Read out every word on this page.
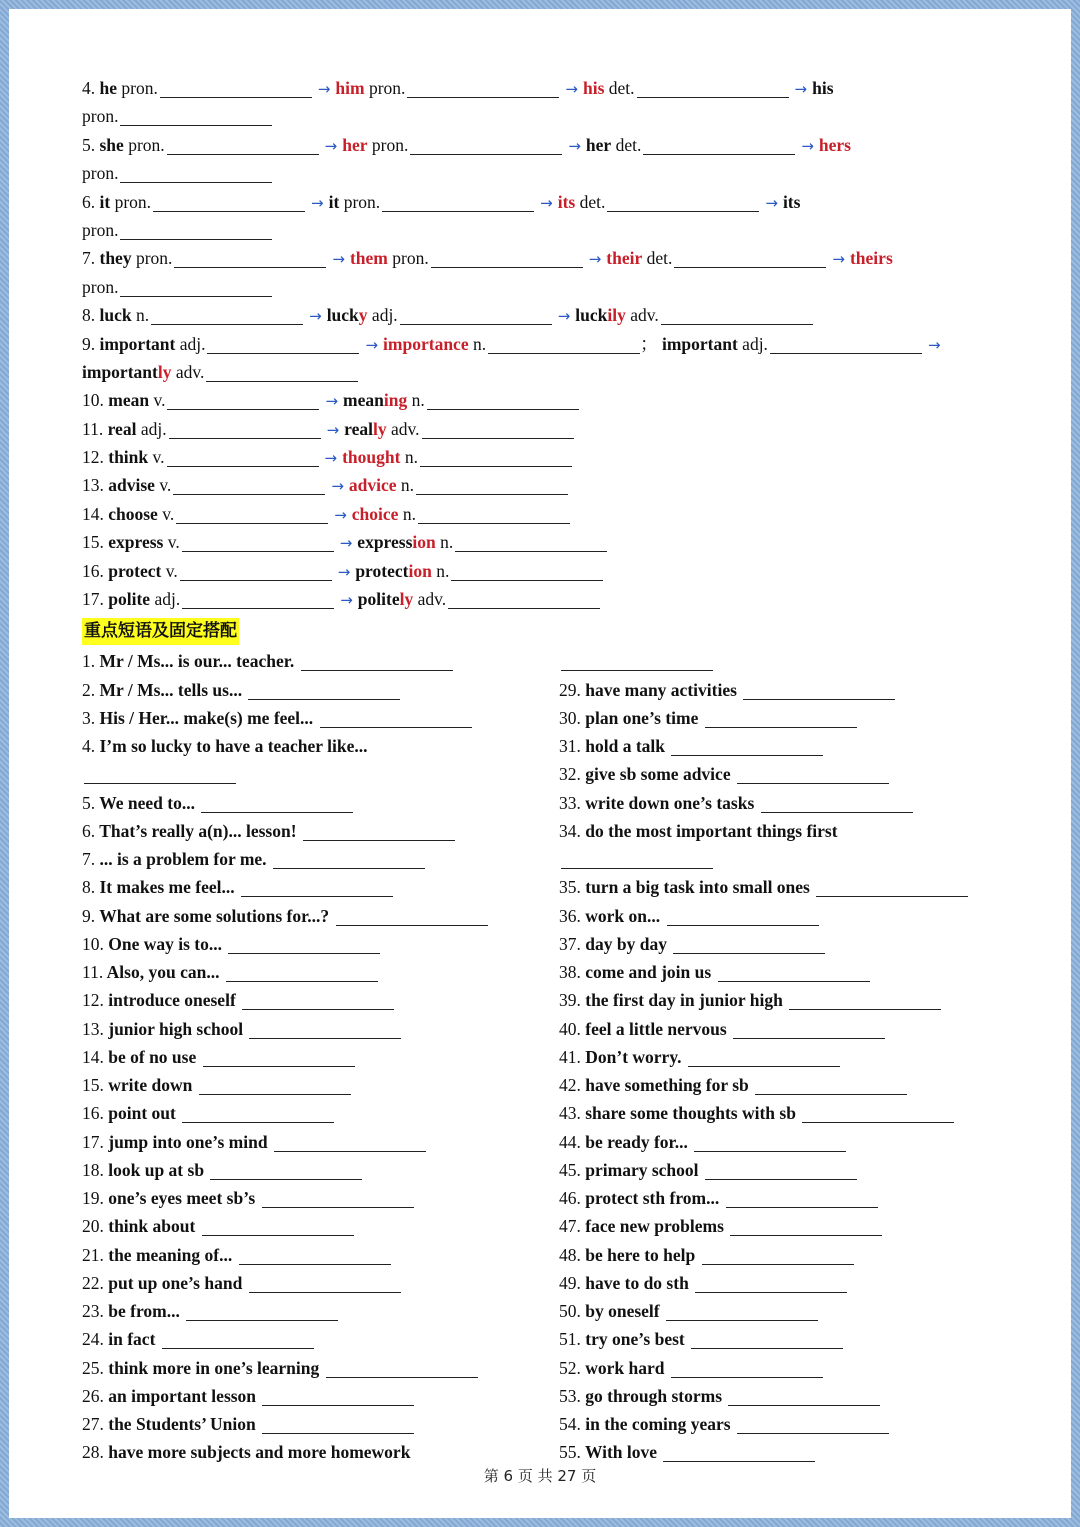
4. he pron.	→ him pron.	→ his det.	→ his
pron.
5. she pron.	→ her pron.	→ her det.	→ hers
pron.
6. it pron.	→ it pron.	→ its det.	→ its
pron.
7. they pron.	→ them pron.	→ their det.	→ theirs
pron.
8. luck n.	→ lucky adj.	→ luckily adv.
9. important adj.	→ importance n.	； important adj.	→
importantly adv.
10. mean v.	→ meaning n.
11. real adj.	→ really adv.
12. think v.	→ thought n.
13. advise v.	→ advice n.
14. choose v.	→ choice n.
15. express v.	→ expression n.
16. protect v.	→ protection n.
17. polite adj.	→ politely adv.
重点短语及固定搭配
1. Mr / Ms... is our... teacher.
2. Mr / Ms... tells us...
3. His / Her... make(s) me feel...
4. I’m so lucky to have a teacher like...
5. We need to...
6. That’s really a(n)... lesson!
7. ... is a problem for me.
8. It makes me feel...
9. What are some solutions for...?
10. One way is to...
11. Also, you can...
12. introduce oneself
13. junior high school
14. be of no use
15. write down
16. point out
17. jump into one’s mind
18. look up at sb
19. one’s eyes meet sb’s
20. think about
21. the meaning of...
22. put up one’s hand
23. be from...
24. in fact
25. think more in one’s learning
26. an important lesson
27. the Students’ Union
28. have more subjects and more homework
29. have many activities
30. plan one’s time
31. hold a talk
32. give sb some advice
33. write down one’s tasks
34. do the most important things first
35. turn a big task into small ones
36. work on...
37. day by day
38. come and join us
39. the first day in junior high
40. feel a little nervous
41. Don’t worry.
42. have something for sb
43. share some thoughts with sb
44. be ready for...
45. primary school
46. protect sth from...
47. face new problems
48. be here to help
49. have to do sth
50. by oneself
51. try one’s best
52. work hard
53. go through storms
54. in the coming years
55. With love
第 6 页 共 27 页
